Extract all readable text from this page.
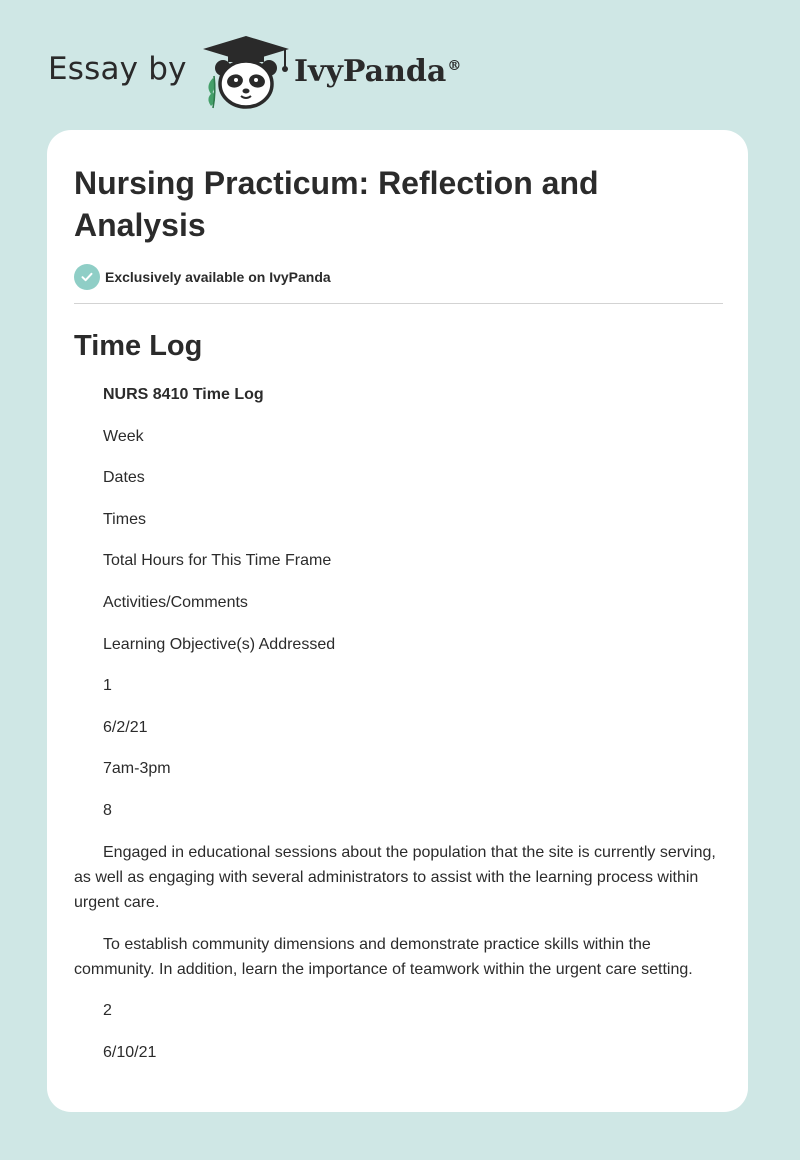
Essay by	IvyPanda®
Nursing Practicum: Reflection and Analysis
Exclusively available on IvyPanda
Time Log

NURS 8410 Time Log

Week

Dates

Times

Total Hours for This Time Frame

Activities/Comments

Learning Objective(s) Addressed

1

6/2/21

7am-3pm

8

Engaged in educational sessions about the population that the site is currently serving, as well as engaging with several administrators to assist with the learning process within urgent care.

To establish community dimensions and demonstrate practice skills within the community. In addition, learn the importance of teamwork within the urgent care setting.

2

6/10/21
